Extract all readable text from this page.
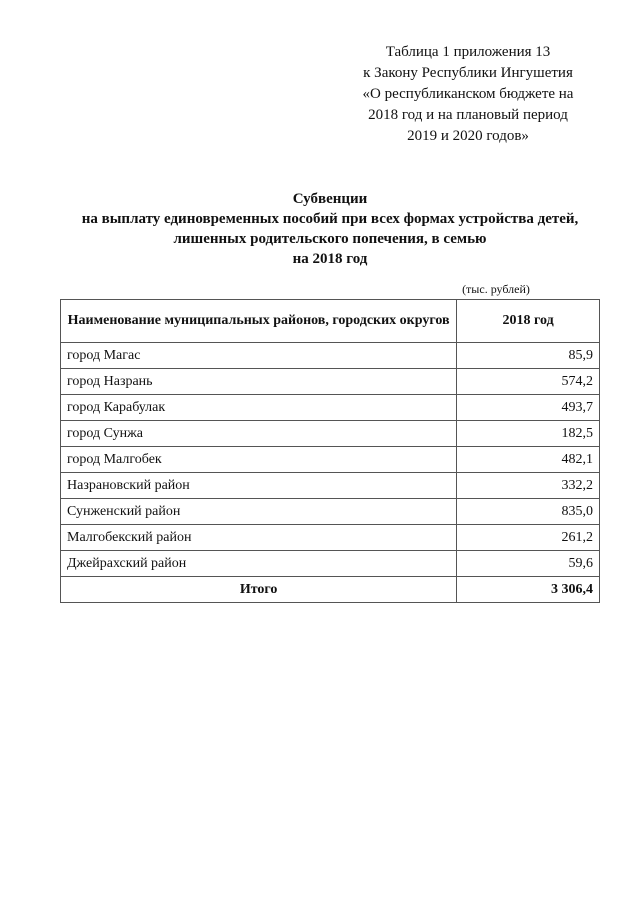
Таблица 1 приложения 13
к Закону Республики Ингушетия
«О республиканском бюджете на
2018 год и на плановый период
2019 и 2020 годов»
Субвенции
на выплату единовременных пособий при всех формах устройства детей,
лишенных родительского попечения, в семью
на 2018 год
(тыс. рублей)
Наименование муниципальных районов, городских округов	2018 год
город Магас	85,9
город Назрань	574,2
город Карабулак	493,7
город Сунжа	182,5
город Малгобек	482,1
Назрановский район	332,2
Сунженский район	835,0
Малгобекский район	261,2
Джейрахский район	59,6
Итого	3 306,4
